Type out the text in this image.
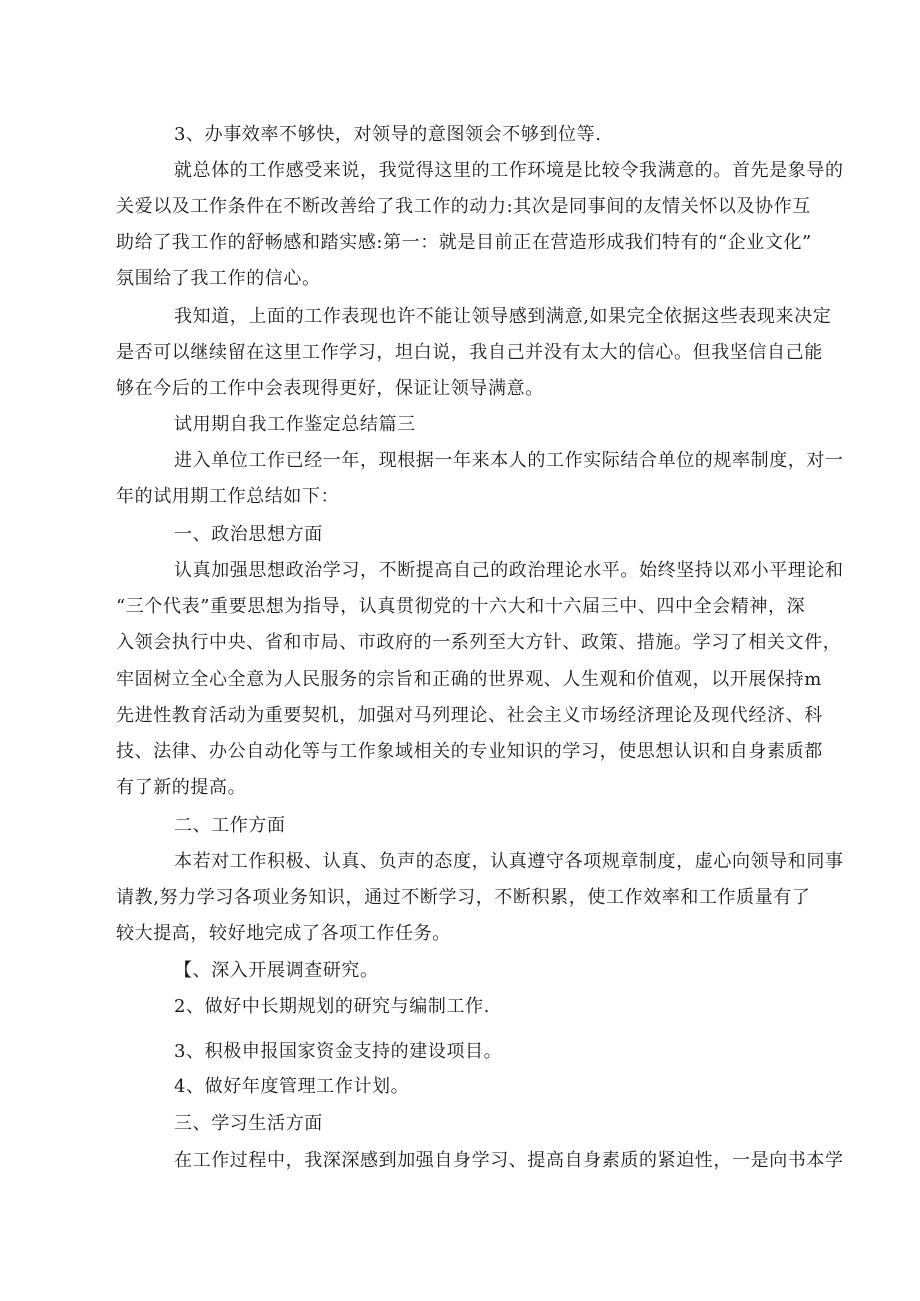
3、办事效率不够快，对领导的意图领会不够到位等.
就总体的工作感受来说，我觉得这里的工作环境是比较令我满意的。首先是象导的
关爱以及工作条件在不断改善给了我工作的动力:其次是同事间的友情关怀以及协作互
助给了我工作的舒畅感和踏实感:第一：就是目前正在营造形成我们特有的“企业文化”
氛围给了我工作的信心。
我知道，上面的工作表现也许不能让领导感到满意,如果完全依据这些表现来决定
是否可以继续留在这里工作学习，坦白说，我自己并没有太大的信心。但我坚信自己能
够在今后的工作中会表现得更好，保证让领导满意。
试用期自我工作鉴定总结篇三
进入单位工作已经一年，现根据一年来本人的工作实际结合单位的规率制度，对一
年的试用期工作总结如下：
一、政治思想方面
认真加强思想政治学习，不断提高自己的政治理论水平。始终坚持以邓小平理论和
“三个代表”重要思想为指导，认真贯彻党的十六大和十六届三中、四中全会精神，深
入领会执行中央、省和市局、市政府的一系列至大方针、政策、措施。学习了相关文件，
牢固树立全心全意为人民服务的宗旨和正确的世界观、人生观和价值观，以开展保持m
先进性教育活动为重要契机，加强对马列理论、社会主义市场经济理论及现代经济、科
技、法律、办公自动化等与工作象域相关的专业知识的学习，使思想认识和自身素质都
有了新的提高。
二、工作方面
本若对工作积极、认真、负声的态度，认真遵守各项规章制度，虚心向领导和同事
请教,努力学习各项业务知识，通过不断学习，不断积累，使工作效率和工作质量有了
较大提高，较好地完成了各项工作任务。
【、深入开展调查研究。
2、做好中长期规划的研究与编制工作.
3、积极申报国家资金支持的建设项目。
4、做好年度管理工作计划。
三、学习生活方面
在工作过程中，我深深感到加强自身学习、提高自身素质的紧迫性，一是向书本学
